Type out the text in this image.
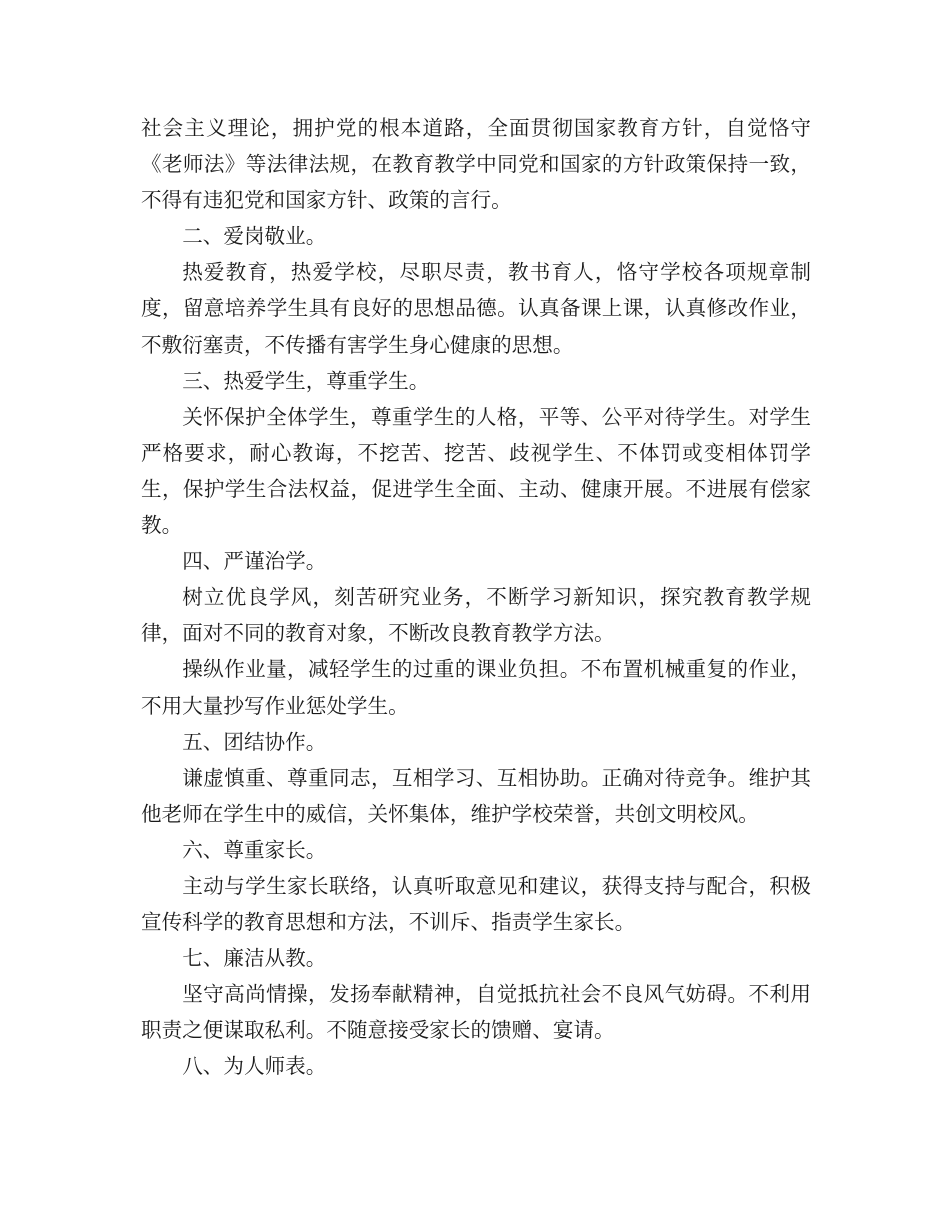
社会主义理论，拥护党的根本道路，全面贯彻国家教育方针，自觉恪守《老师法》等法律法规，在教育教学中同党和国家的方针政策保持一致，不得有违犯党和国家方针、政策的言行。

二、爱岗敬业。

热爱教育，热爱学校，尽职尽责，教书育人，恪守学校各项规章制度，留意培养学生具有良好的思想品德。认真备课上课，认真修改作业，不敷衍塞责，不传播有害学生身心健康的思想。

三、热爱学生，尊重学生。

关怀保护全体学生，尊重学生的人格，平等、公平对待学生。对学生严格要求，耐心教诲，不挖苦、挖苦、歧视学生、不体罚或变相体罚学生，保护学生合法权益，促进学生全面、主动、健康开展。不进展有偿家教。

四、严谨治学。

树立优良学风，刻苦研究业务，不断学习新知识，探究教育教学规律，面对不同的教育对象，不断改良教育教学方法。

操纵作业量，减轻学生的过重的课业负担。不布置机械重复的作业，不用大量抄写作业惩处学生。

五、团结协作。

谦虚慎重、尊重同志，互相学习、互相协助。正确对待竞争。维护其他老师在学生中的威信，关怀集体，维护学校荣誉，共创文明校风。

六、尊重家长。

主动与学生家长联络，认真听取意见和建议，获得支持与配合，积极宣传科学的教育思想和方法，不训斥、指责学生家长。

七、廉洁从教。

坚守高尚情操，发扬奉献精神，自觉抵抗社会不良风气妨碍。不利用职责之便谋取私利。不随意接受家长的馈赠、宴请。

八、为人师表。
